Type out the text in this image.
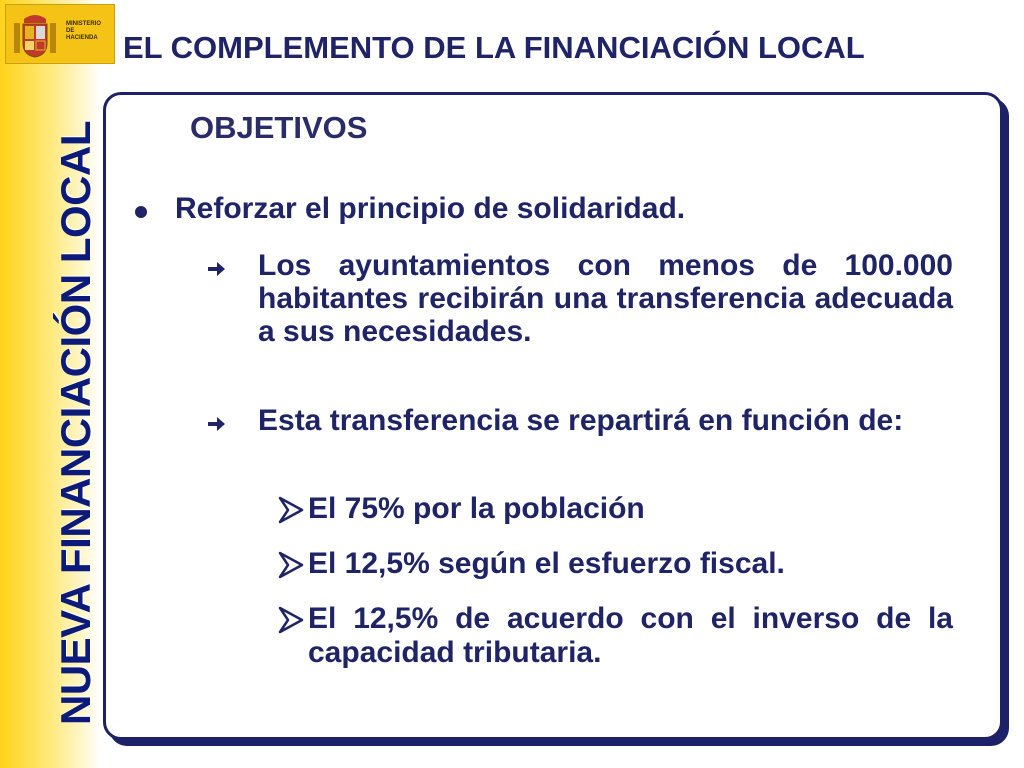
MINISTERIO
DE
HACIENDA
NUEVA FINANCIACIÓN LOCAL
EL COMPLEMENTO DE LA FINANCIACIÓN LOCAL
OBJETIVOS
Reforzar el principio de solidaridad.
Los ayuntamientos con menos de 100.000 habitantes recibirán una transferencia adecuada a sus necesidades.
Esta transferencia se repartirá en función de:
El 75% por la población
El 12,5% según el esfuerzo fiscal.
El 12,5% de acuerdo con el inverso de la capacidad tributaria.
